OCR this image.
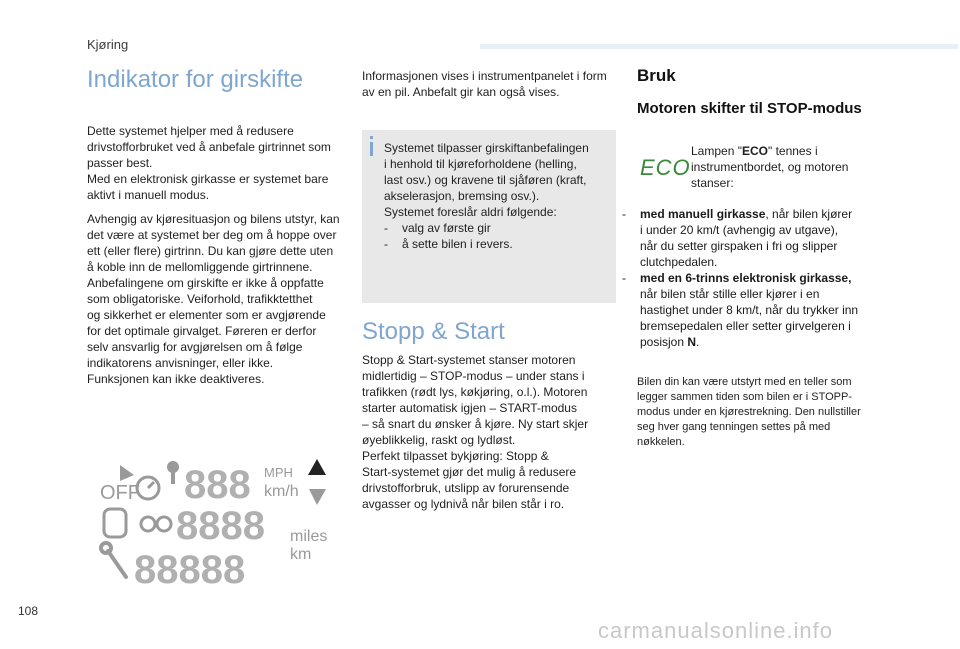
Kjøring
Indikator for girskifte
Dette systemet hjelper med å redusere
drivstofforbruket ved å anbefale girtrinnet som
passer best.
Med en elektronisk girkasse er systemet bare
aktivt i manuell modus.
Avhengig av kjøresituasjon og bilens utstyr, kan
det være at systemet ber deg om å hoppe over
ett (eller flere) girtrinn. Du kan gjøre dette uten
å koble inn de mellomliggende girtrinnene.
Anbefalingene om girskifte er ikke å oppfatte
som obligatoriske. Veiforhold, trafikktetthet
og sikkerhet er elementer som er avgjørende
for det optimale girvalget. Føreren er derfor
selv ansvarlig for avgjørelsen om å følge
indikatorens anvisninger, eller ikke.
Funksjonen kan ikke deaktiveres.
OFF 888 MPH
km/h
8888 miles
km
88888
Informasjonen vises i instrumentpanelet i form
av en pil. Anbefalt gir kan også vises.
Systemet tilpasser girskiftanbefalingen
i henhold til kjøreforholdene (helling,
last osv.) og kravene til sjåføren (kraft,
akselerasjon, bremsing osv.).
Systemet foreslår aldri følgende:
-	valg av første gir
-	å sette bilen i revers.
Stopp & Start
Stopp & Start-systemet stanser motoren
midlertidig – STOP-modus – under stans i
trafikken (rødt lys, køkjøring, o.l.). Motoren
starter automatisk igjen – START-modus
– så snart du ønsker å kjøre. Ny start skjer
øyeblikkelig, raskt og lydløst.
Perfekt tilpasset bykjøring: Stopp &
Start-systemet gjør det mulig å redusere
drivstofforbruk, utslipp av forurensende
avgasser og lydnivå når bilen står i ro.
Bruk
Motoren skifter til STOP-modus
ECO
Lampen "ECO" tennes i
instrumentbordet, og motoren
stanser:
-	med manuell girkasse, når bilen kjører
i under 20 km/t (avhengig av utgave),
når du setter girspaken i fri og slipper
clutchpedalen.
-	med en 6-trinns elektronisk girkasse,
når bilen står stille eller kjører i en
hastighet under 8 km/t, når du trykker inn
bremsepedalen eller setter girvelgeren i
posisjon N.
Bilen din kan være utstyrt med en teller som
legger sammen tiden som bilen er i STOPP-
modus under en kjørestrekning. Den nullstiller
seg hver gang tenningen settes på med
nøkkelen.
108
carmanualsonline.info
